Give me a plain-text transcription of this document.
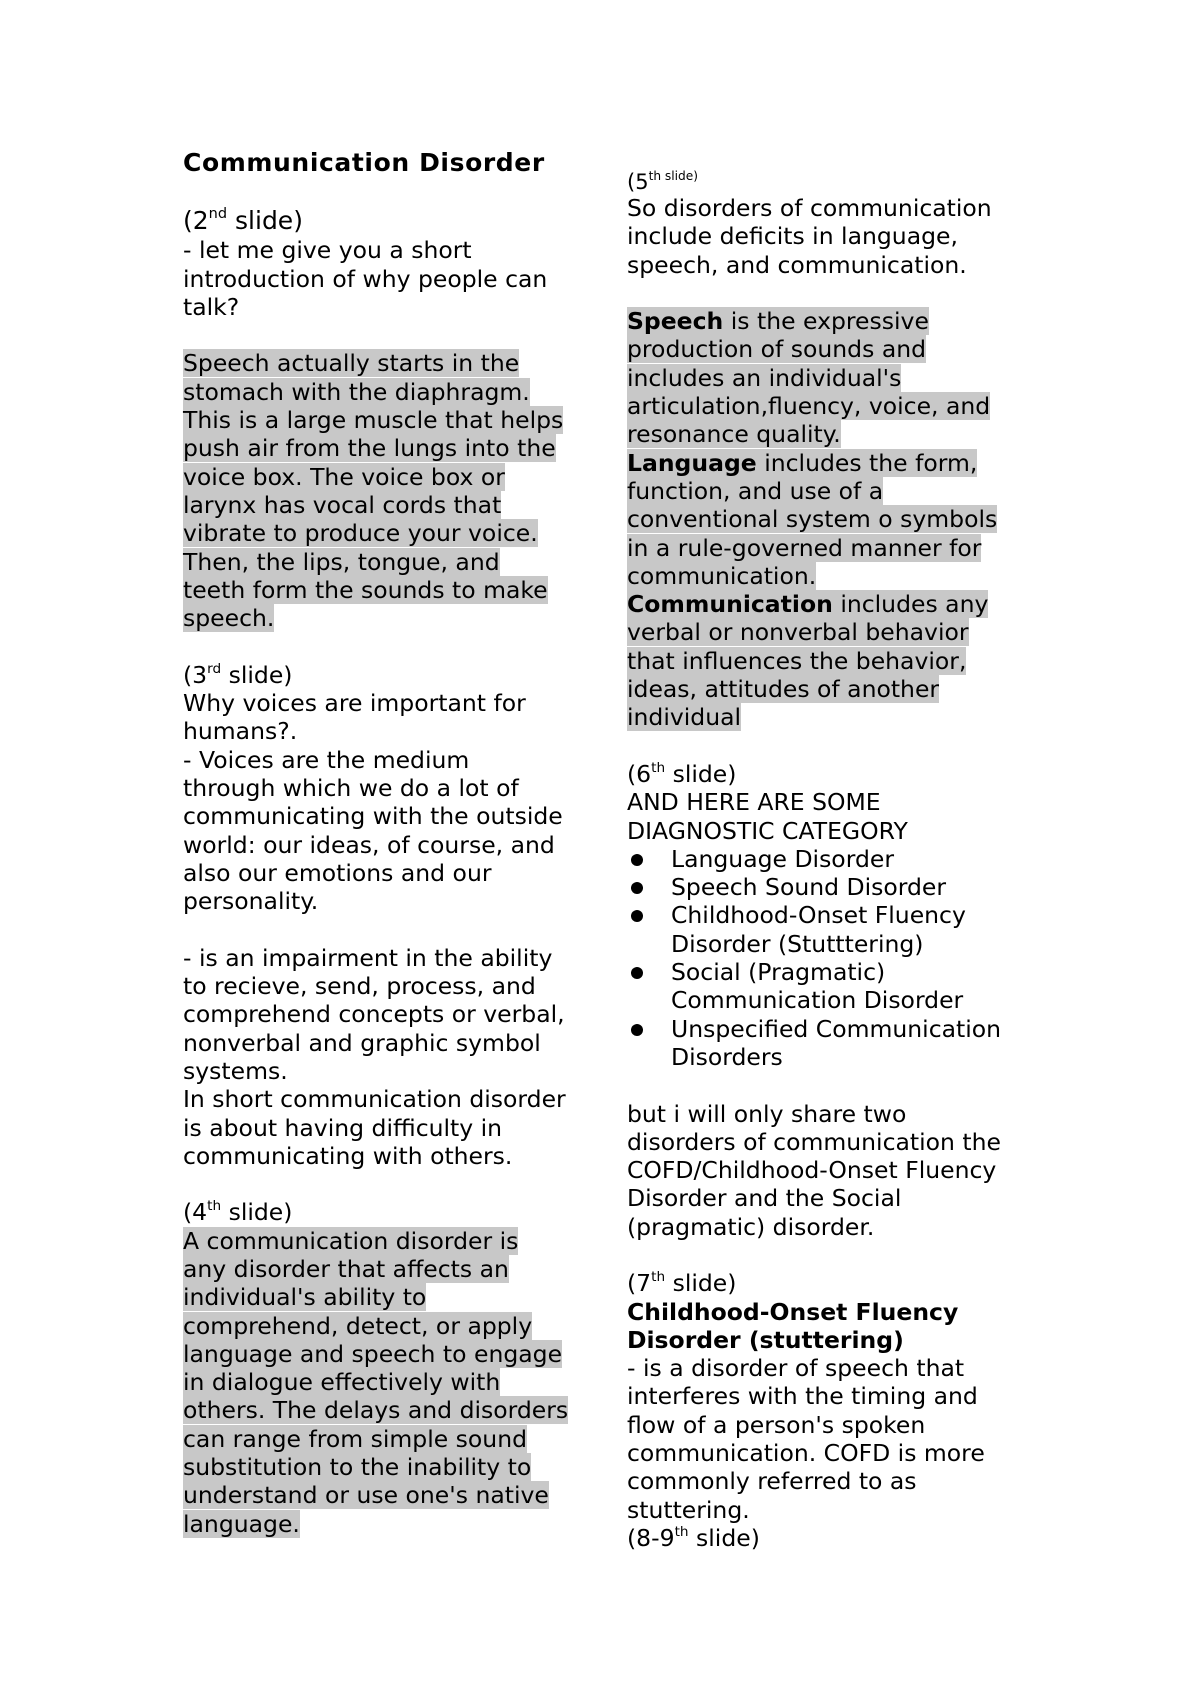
Communication Disorder

(2nd slide)

- let me give you a short

introduction of why people can

talk?

Speech actually starts in the

stomach with the diaphragm.

This is a large muscle that helps

push air from the lungs into the

voice box. The voice box or

larynx has vocal cords that

vibrate to produce your voice.

Then, the lips, tongue, and

teeth form the sounds to make

speech.

(3rd slide)

Why voices are important for

humans?.

- Voices are the medium

through which we do a lot of

communicating with the outside

world: our ideas, of course, and

also our emotions and our

personality.

- is an impairment in the ability

to recieve, send, process, and

comprehend concepts or verbal,

nonverbal and graphic symbol

systems.

In short communication disorder

is about having difficulty in

communicating with others.

(4th slide)

A communication disorder is

any disorder that affects an

individual's ability to

comprehend, detect, or apply

language and speech to engage

in dialogue effectively with

others. The delays and disorders

can range from simple sound

substitution to the inability to

understand or use one's native

language.

($5^{th slide)}$

So disorders of communication

include deficits in language,

speech, and communication.

Speech is the expressive

production of sounds and

includes an individual's

articulation,fluency, voice, and

resonance quality.

Language includes the form,

function, and use of a

conventional system o symbols

in a rule-governed manner for

communication.

Communication includes any

verbal or nonverbal behavior

that influences the behavior,

ideas, attitudes of another

individual

(6th slide)

AND HERE ARE SOME

DIAGNOSTIC CATEGORY

Language Disorder
Speech Sound Disorder
Childhood-Onset Fluency
Disorder (Stutttering)
Social (Pragmatic)
Communication Disorder
Unspecified Communication
Disorders

but i will only share two

disorders of communication the

COFD/Childhood-Onset Fluency

Disorder and the Social

(pragmatic) disorder.

(7th slide)

Childhood-Onset Fluency

Disorder (stuttering)

- is a disorder of speech that

interferes with the timing and

flow of a person's spoken

communication. COFD is more

commonly referred to as

stuttering.

(8-9th slide)
